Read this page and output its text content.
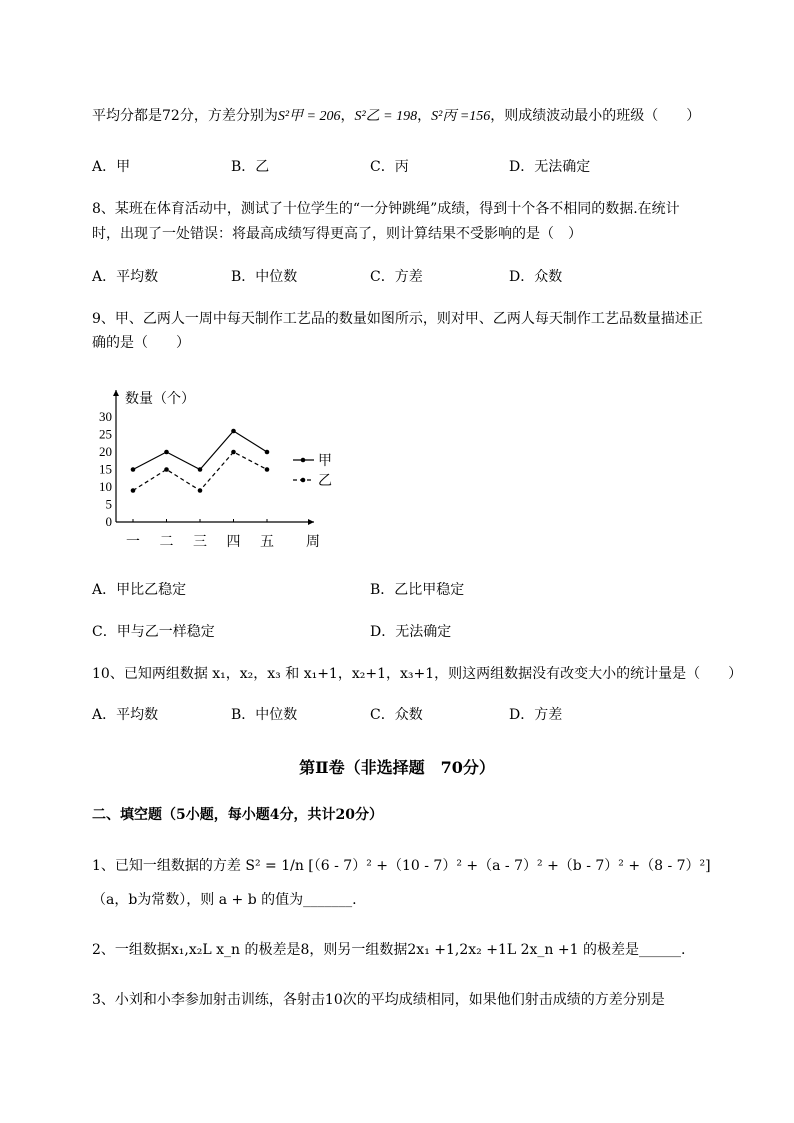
平均分都是72分，方差分别为S²甲 = 206，S²乙 = 198，S²丙 =156，则成绩波动最小的班级（　　）
A．甲	B．乙	C．丙	D．无法确定
8、某班在体育活动中，测试了十位学生的“一分钟跳绳”成绩，得到十个各不相同的数据.在统计
时，出现了一处错误：将最高成绩写得更高了，则计算结果不受影响的是（　）
A．平均数	B．中位数	C．方差	D．众数
9、甲、乙两人一周中每天制作工艺品的数量如图所示，则对甲、乙两人每天制作工艺品数量描述正
确的是（　　）
数量（个）
周
0
5
10
15
20
25
30
一 二 三 四 五
甲
乙
A．甲比乙稳定	B．乙比甲稳定
C．甲与乙一样稳定	D．无法确定
10、已知两组数据 x₁，x₂，x₃ 和 x₁+1，x₂+1，x₃+1，则这两组数据没有改变大小的统计量是（　　）
A．平均数	B．中位数	C．众数	D．方差
第Ⅱ卷（非选择题　70分）
二、填空题（5小题，每小题4分，共计20分）
1、已知一组数据的方差 S² = 1/n [（6 - 7）² +（10 - 7）² +（a - 7）² +（b - 7）² +（8 - 7）²]
（a，b为常数），则 a + b 的值为_______.
2、一组数据x₁,x₂L x_n 的极差是8，则另一组数据2x₁ +1,2x₂ +1L 2x_n +1 的极差是______.
3、小刘和小李参加射击训练，各射击10次的平均成绩相同，如果他们射击成绩的方差分别是
